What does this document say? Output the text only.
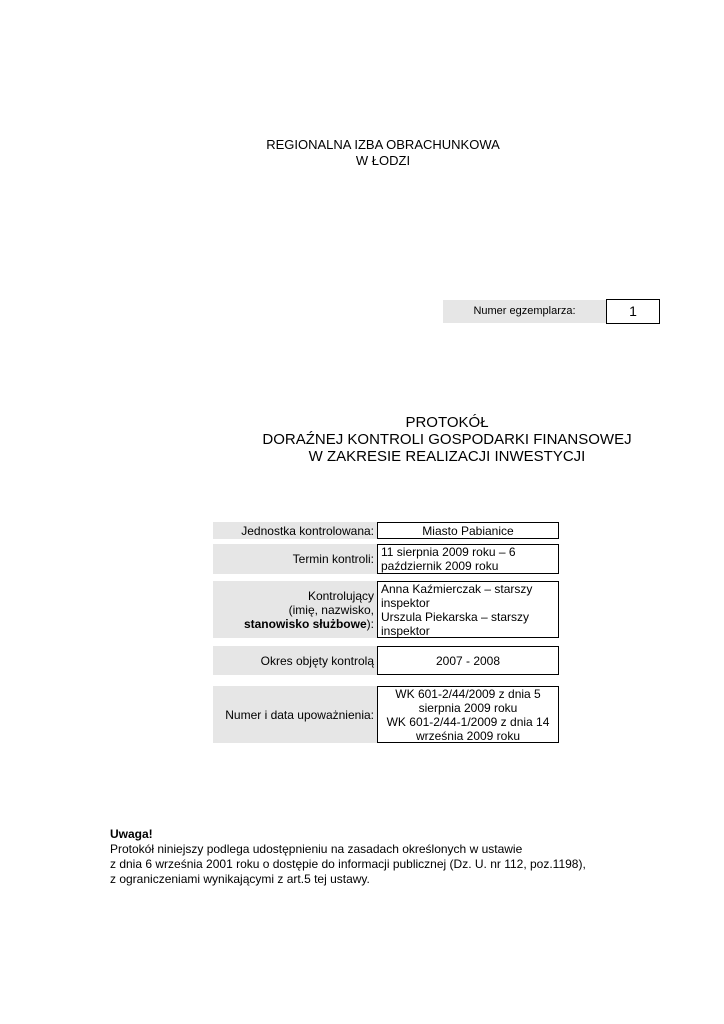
REGIONALNA IZBA OBRACHUNKOWA
W ŁODZI
Numer egzemplarza:	1
PROTOKÓŁ
DORAŹNEJ KONTROLI GOSPODARKI FINANSOWEJ
W ZAKRESIE REALIZACJI INWESTYCJI
Jednostka kontrolowana:	Miasto Pabianice
Termin kontroli: 11 sierpnia 2009 roku – 6
październik 2009 roku
Kontrolujący
(imię, nazwisko,
stanowisko służbowe):
Anna Kaźmierczak – starszy
inspektor
Urszula Piekarska – starszy
inspektor
Okres objęty kontrolą	2007 - 2008
Numer i data upoważnienia:
WK 601-2/44/2009 z dnia 5
sierpnia 2009 roku
WK 601-2/44-1/2009 z dnia 14
września 2009 roku
Uwaga!
Protokół niniejszy podlega udostępnieniu na zasadach określonych w ustawie
z dnia 6 września 2001 roku o dostępie do informacji publicznej (Dz. U. nr 112, poz.1198),
z ograniczeniami wynikającymi z art.5 tej ustawy.
